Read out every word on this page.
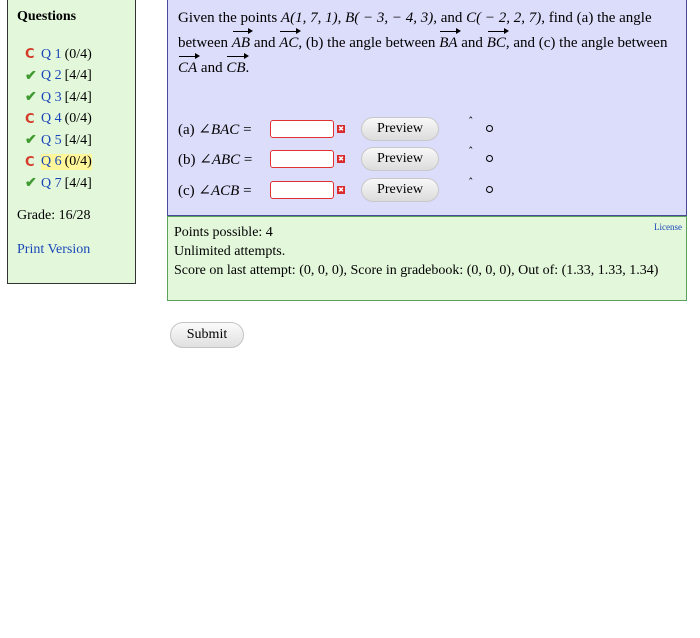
Questions
C Q 1 (0/4)
✔ Q 2 [4/4]
✔ Q 3 [4/4]
C Q 4 (0/4)
✔ Q 5 [4/4]
C Q 6 (0/4)
✔ Q 7 [4/4]
Grade: 16/28
Print Version
Given the points A(1, 7, 1), B( − 3, − 4, 3), and C( − 2, 2, 7), find (a) the angle between AB and AC, (b) the angle between BA and BC, and (c) the angle between CA and CB.
(a) ∠BAC =	✖	Preview	ˆ
(b) ∠ABC =	✖	Preview	ˆ
(c) ∠ACB =	✖	Preview	ˆ
Points possible: 4
Unlimited attempts.
Score on last attempt: (0, 0, 0), Score in gradebook: (0, 0, 0), Out of: (1.33, 1.33, 1.34)
License
Submit
